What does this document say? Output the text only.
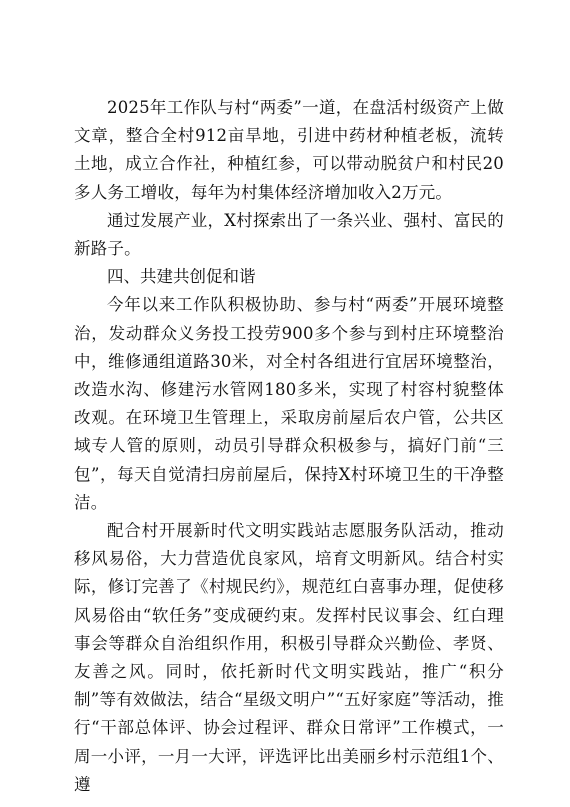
2025年工作队与村“两委”一道，在盘活村级资产上做文章，整合全村912亩旱地，引进中药材种植老板，流转土地，成立合作社，种植红参，可以带动脱贫户和村民20多人务工增收，每年为村集体经济增加收入2万元。

通过发展产业，X村探索出了一条兴业、强村、富民的新路子。

四、共建共创促和谐

今年以来工作队积极协助、参与村“两委”开展环境整治，发动群众义务投工投劳900多个参与到村庄环境整治中，维修通组道路30米，对全村各组进行宜居环境整治，改造水沟、修建污水管网180多米，实现了村容村貌整体改观。在环境卫生管理上，采取房前屋后农户管，公共区域专人管的原则，动员引导群众积极参与，搞好门前“三包”，每天自觉清扫房前屋后，保持X村环境卫生的干净整洁。

配合村开展新时代文明实践站志愿服务队活动，推动移风易俗，大力营造优良家风，培育文明新风。结合村实际，修订完善了《村规民约》，规范红白喜事办理，促使移风易俗由“软任务”变成硬约束。发挥村民议事会、红白理事会等群众自治组织作用，积极引导群众兴勤俭、孝贤、友善之风。同时，依托新时代文明实践站，推广“积分制”等有效做法，结合“星级文明户”“五好家庭”等活动，推行“干部总体评、协会过程评、群众日常评”工作模式，一周一小评，一月一大评，评选评比出美丽乡村示范组1个、遵
